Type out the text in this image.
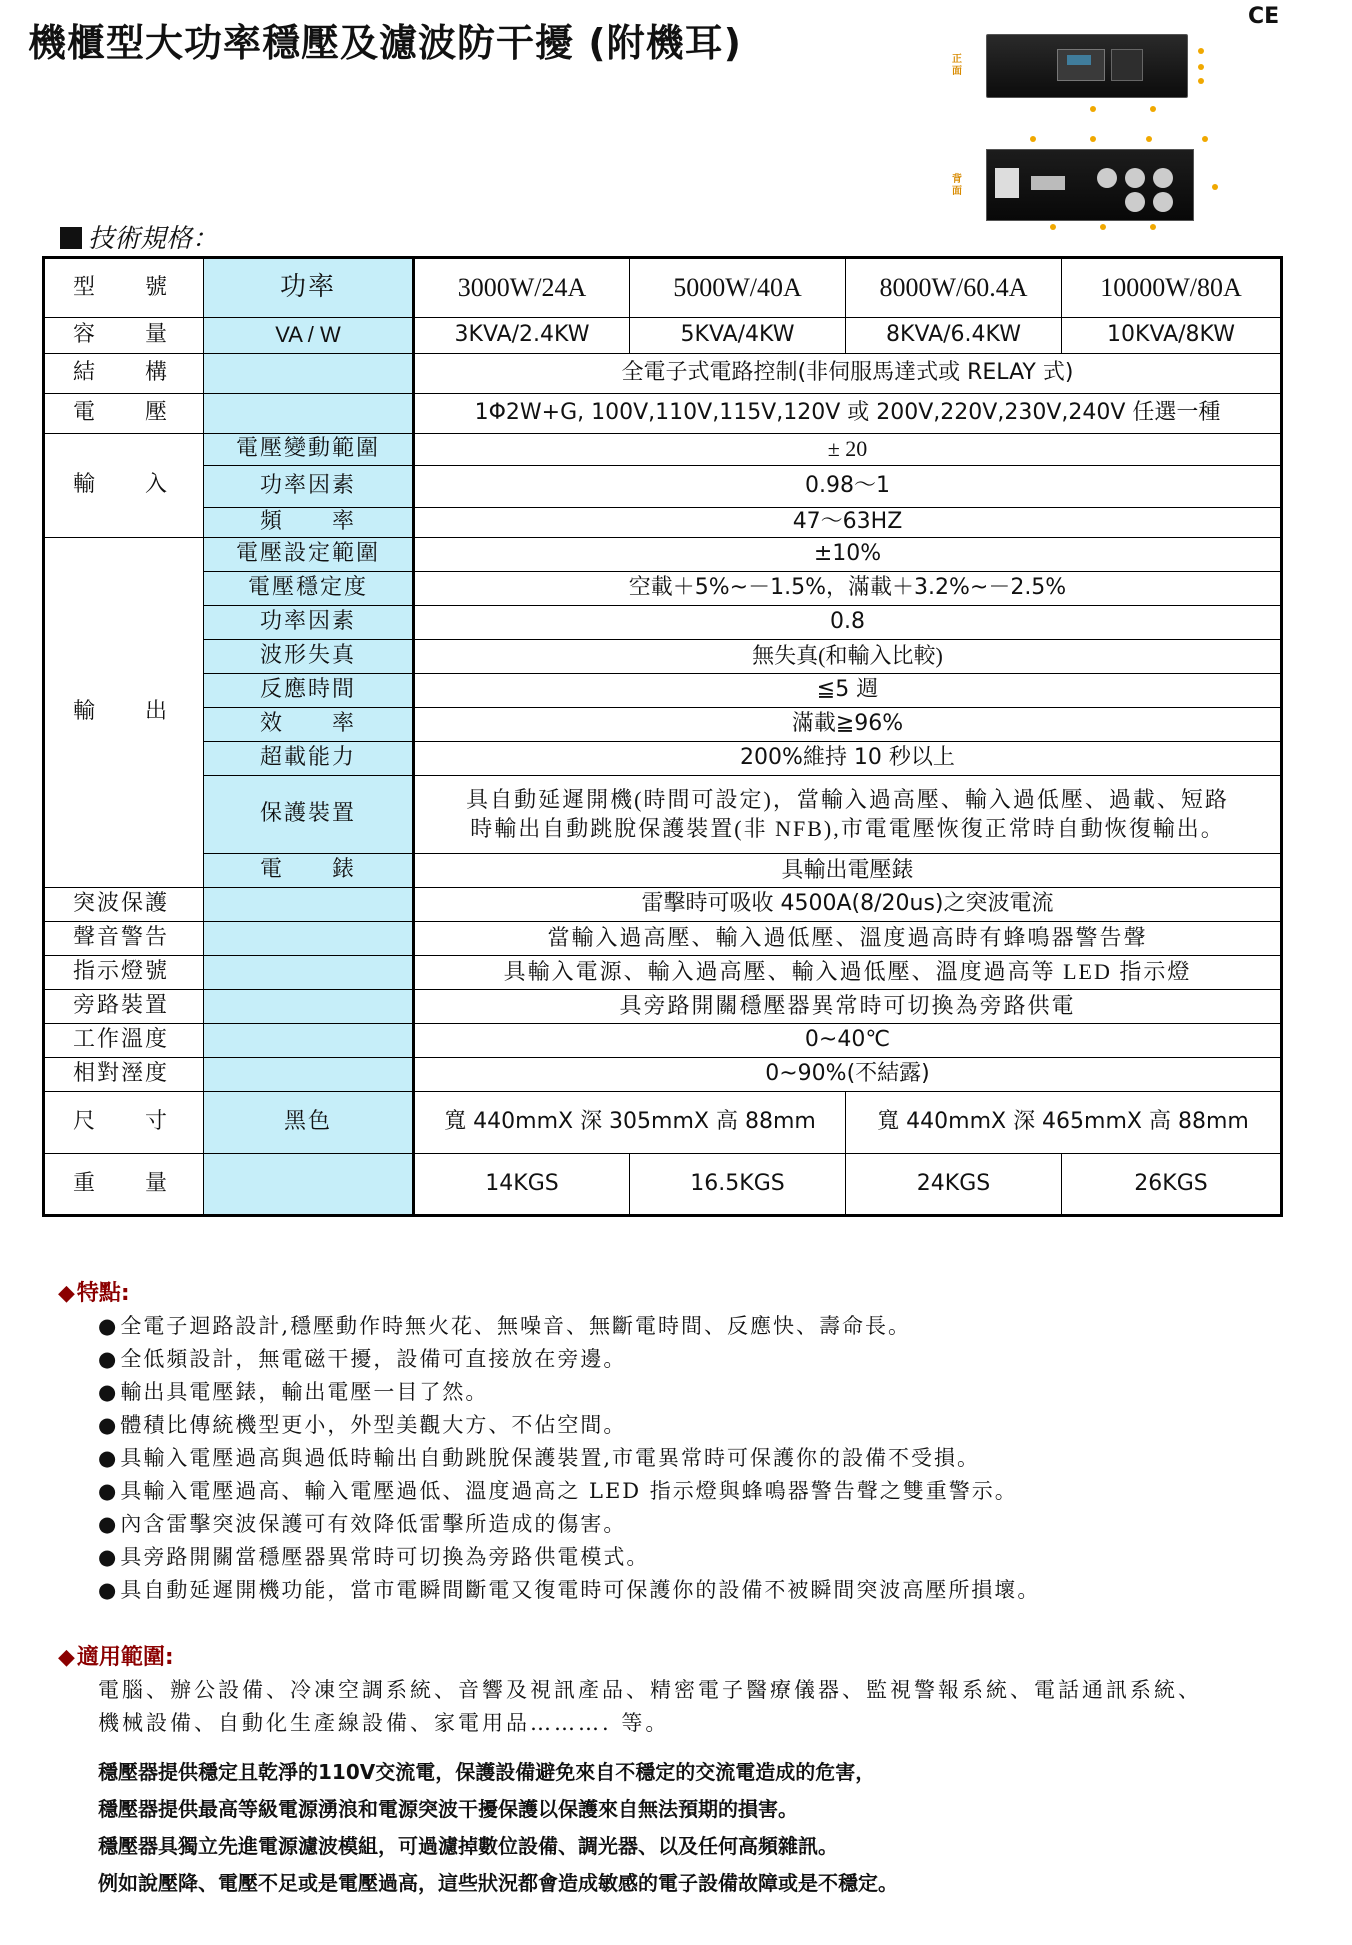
機櫃型大功率穩壓及濾波防干擾 (附機耳)
CE
正面
背面
技術規格：
型 號	功率	3000W/24A	5000W/40A	8000W/60.4A	10000W/80A
容 量	VA / W	3KVA/2.4KW	5KVA/4KW	8KVA/6.4KW	10KVA/8KW
結 構		全電子式電路控制(非伺服馬達式或 RELAY 式)			
電 壓		1Φ2W+G, 100V,110V,115V,120V 或 200V,220V,230V,240V 任選一種			
輸 入	電壓變動範圍	± 20			
	功率因素	0.98～1			
	頻　　率	47～63HZ			
輸 出	電壓設定範圍	±10%			
	電壓穩定度	空載＋5%~－1.5%，滿載＋3.2%~－2.5%			
	功率因素	0.8			
	波形失真	無失真(和輸入比較)			
	反應時間	≦5 週			
	效　　率	滿載≧96%			
	超載能力	200%維持 10 秒以上			
	保護裝置	具自動延遲開機(時間可設定)，當輸入過高壓、輸入過低壓、過載、短路
時輸出自動跳脫保護裝置(非 NFB),市電電壓恢復正常時自動恢復輸出。			

	電　　錶	具輸出電壓錶			
突波保護		雷擊時可吸收 4500A(8/20us)之突波電流			
聲音警告		當輸入過高壓、輸入過低壓、溫度過高時有蜂鳴器警告聲			
指示燈號		具輸入電源、輸入過高壓、輸入過低壓、溫度過高等 LED 指示燈			
旁路裝置		具旁路開關穩壓器異常時可切換為旁路供電			
工作溫度		0~40℃			
相對溼度		0~90%(不結露)			
尺 寸	黑色	寬 440mmX 深 305mmX 高 88mm		寬 440mmX 深 465mmX 高 88mm	
重 量		14KGS	16.5KGS	24KGS	26KGS
◆特點:
●全電子迴路設計,穩壓動作時無火花、無噪音、無斷電時間、反應快、壽命長。
●全低頻設計，無電磁干擾，設備可直接放在旁邊。
●輸出具電壓錶，輸出電壓一目了然。
●體積比傳統機型更小，外型美觀大方、不佔空間。
●具輸入電壓過高與過低時輸出自動跳脫保護裝置,市電異常時可保護你的設備不受損。
●具輸入電壓過高、輸入電壓過低、溫度過高之 LED 指示燈與蜂鳴器警告聲之雙重警示。
●內含雷擊突波保護可有效降低雷擊所造成的傷害。
●具旁路開關當穩壓器異常時可切換為旁路供電模式。
●具自動延遲開機功能，當市電瞬間斷電又復電時可保護你的設備不被瞬間突波高壓所損壞。
◆適用範圍:
電腦、辦公設備、冷凍空調系統、音響及視訊產品、精密電子醫療儀器、監視警報系統、電話通訊系統、
機械設備、自動化生產線設備、家電用品………. 等。
穩壓器提供穩定且乾淨的110V交流電，保護設備避免來自不穩定的交流電造成的危害，
穩壓器提供最高等級電源湧浪和電源突波干擾保護以保護來自無法預期的損害。
穩壓器具獨立先進電源濾波模組，可過濾掉數位設備、調光器、以及任何高頻雜訊。
例如說壓降、電壓不足或是電壓過高，這些狀況都會造成敏感的電子設備故障或是不穩定。
